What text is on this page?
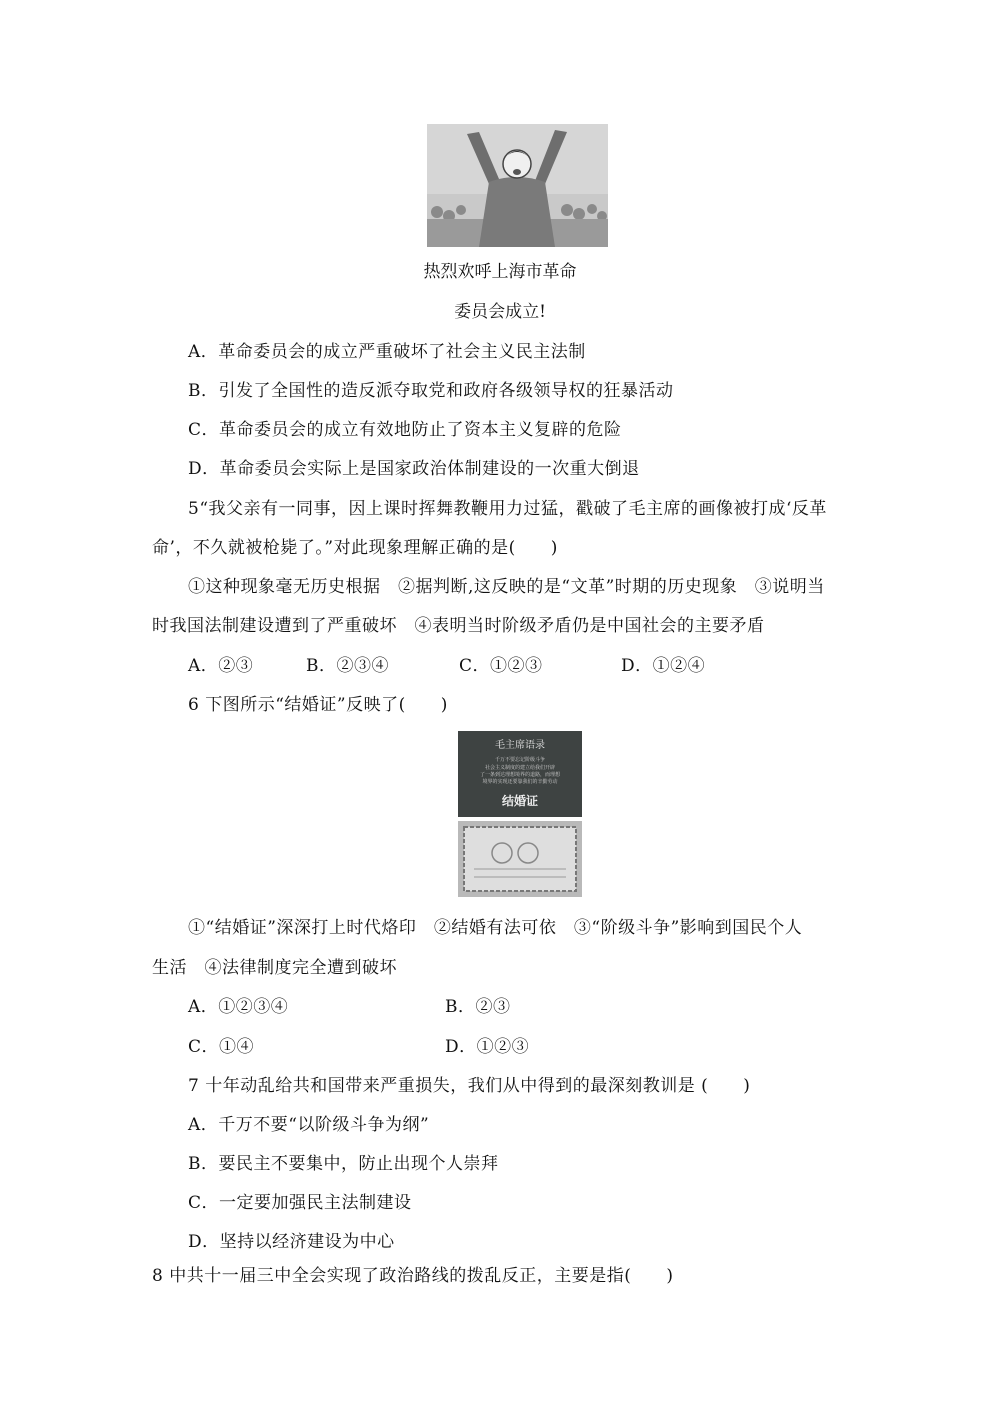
热烈欢呼上海市革命
委员会成立!
A．革命委员会的成立严重破坏了社会主义民主法制
B．引发了全国性的造反派夺取党和政府各级领导权的狂暴活动
C．革命委员会的成立有效地防止了资本主义复辟的危险
D．革命委员会实际上是国家政治体制建设的一次重大倒退
5“我父亲有一同事，因上课时挥舞教鞭用力过猛，戳破了毛主席的画像被打成‘反革
命’，不久就被枪毙了。”对此现象理解正确的是(　　)
①这种现象毫无历史根据　②据判断,这反映的是“文革”时期的历史现象　③说明当
时我国法制建设遭到了严重破坏　④表明当时阶级矛盾仍是中国社会的主要矛盾
A．②③	B．②③④	C．①②③	D．①②④
6 下图所示“结婚证”反映了(　　)
毛主席语录
千万不要忘记阶级斗争
社会主义制度的建立给我们开辟
了一条到达理想境界的道路，而理想
境界的实现还要靠我们的辛勤劳动
结婚证
①“结婚证”深深打上时代烙印　②结婚有法可依　③“阶级斗争”影响到国民个人
生活　④法律制度完全遭到破坏
A．①②③④	B．②③
C．①④	D．①②③
7 十年动乱给共和国带来严重损失，我们从中得到的最深刻教训是 (　　)
A．千万不要“以阶级斗争为纲”
B．要民主不要集中，防止出现个人崇拜
C．一定要加强民主法制建设
D．坚持以经济建设为中心
8 中共十一届三中全会实现了政治路线的拨乱反正，主要是指(　　)
